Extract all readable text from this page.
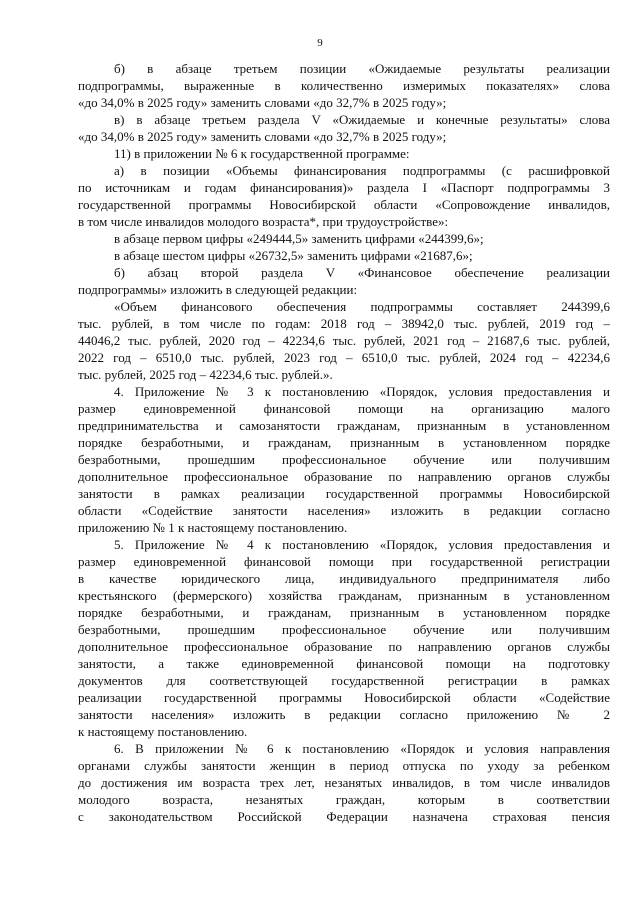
9
б) в абзаце третьем позиции «Ожидаемые результаты реализации
подпрограммы, выраженные в количественно измеримых показателях» слова
«до 34,0% в 2025 году» заменить словами «до 32,7% в 2025 году»;
в) в абзаце третьем раздела V «Ожидаемые и конечные результаты» слова
«до 34,0% в 2025 году» заменить словами «до 32,7% в 2025 году»;
11) в приложении № 6 к государственной программе:
а) в позиции «Объемы финансирования подпрограммы (с расшифровкой
по источникам и годам финансирования)» раздела I «Паспорт подпрограммы 3
государственной программы Новосибирской области «Сопровождение инвалидов,
в том числе инвалидов молодого возраста*, при трудоустройстве»:
в абзаце первом цифры «249444,5» заменить цифрами «244399,6»;
в абзаце шестом цифры «26732,5» заменить цифрами «21687,6»;
б) абзац второй раздела V «Финансовое обеспечение реализации
подпрограммы» изложить в следующей редакции:
«Объем финансового обеспечения подпрограммы составляет 244399,6
тыс. рублей, в том числе по годам: 2018 год – 38942,0 тыс. рублей, 2019 год –
44046,2 тыс. рублей, 2020 год – 42234,6 тыс. рублей, 2021 год – 21687,6 тыс. рублей,
2022 год – 6510,0 тыс. рублей, 2023 год – 6510,0 тыс. рублей, 2024 год – 42234,6
тыс. рублей, 2025 год – 42234,6 тыс. рублей.».
4. Приложение № 3 к постановлению «Порядок, условия предоставления и
размер единовременной финансовой помощи на организацию малого
предпринимательства и самозанятости гражданам, признанным в установленном
порядке безработными, и гражданам, признанным в установленном порядке
безработными, прошедшим профессиональное обучение или получившим
дополнительное профессиональное образование по направлению органов службы
занятости в рамках реализации государственной программы Новосибирской
области «Содействие занятости населения» изложить в редакции согласно
приложению № 1 к настоящему постановлению.
5. Приложение № 4 к постановлению «Порядок, условия предоставления и
размер единовременной финансовой помощи при государственной регистрации
в качестве юридического лица, индивидуального предпринимателя либо
крестьянского (фермерского) хозяйства гражданам, признанным в установленном
порядке безработными, и гражданам, признанным в установленном порядке
безработными, прошедшим профессиональное обучение или получившим
дополнительное профессиональное образование по направлению органов службы
занятости, а также единовременной финансовой помощи на подготовку
документов для соответствующей государственной регистрации в рамках
реализации государственной программы Новосибирской области «Содействие
занятости населения» изложить в редакции согласно приложению № 2
к настоящему постановлению.
6. В приложении № 6 к постановлению «Порядок и условия направления
органами службы занятости женщин в период отпуска по уходу за ребенком
до достижения им возраста трех лет, незанятых инвалидов, в том числе инвалидов
молодого возраста, незанятых граждан, которым в соответствии
с законодательством Российской Федерации назначена страховая пенсия
